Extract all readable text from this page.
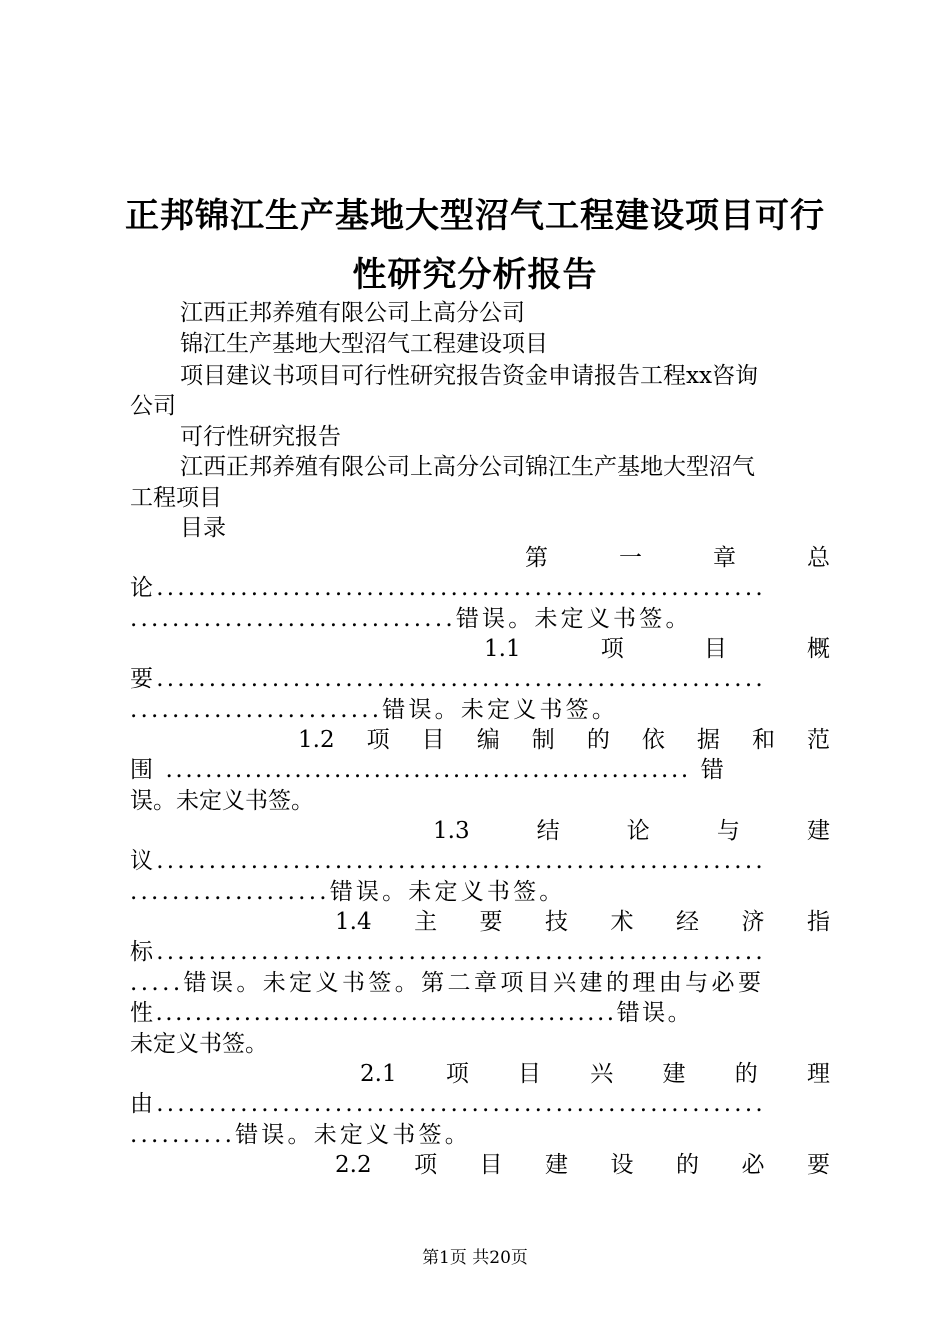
正邦锦江生产基地大型沼气工程建设项目可行
性研究分析报告
江西正邦养殖有限公司上高分公司
锦江生产基地大型沼气工程建设项目
项目建议书项目可行性研究报告资金申请报告工程xx咨询
公司
可行性研究报告
江西正邦养殖有限公司上高分公司锦江生产基地大型沼气
工程项目
目录
第	一	章	总
论..........................................................
...............................错误。未定义书签。
1.1	项	目	概
要..........................................................
........................错误。未定义书签。
1.2 项 目 编 制 的 依 据 和 范
围 ..................................................... 错
误。未定义书签。
1.3	结	论	与	建
议..........................................................
...................错误。未定义书签。
1.4 主 要 技 术 经 济 指
标..........................................................
.....错误。未定义书签。第二章项目兴建的理由与必要
性...............................................错误。
未定义书签。
2.1 项 目 兴 建 的 理
由..........................................................
..........错误。未定义书签。
2.2 项 目 建 设 的 必 要
第1页 共20页
